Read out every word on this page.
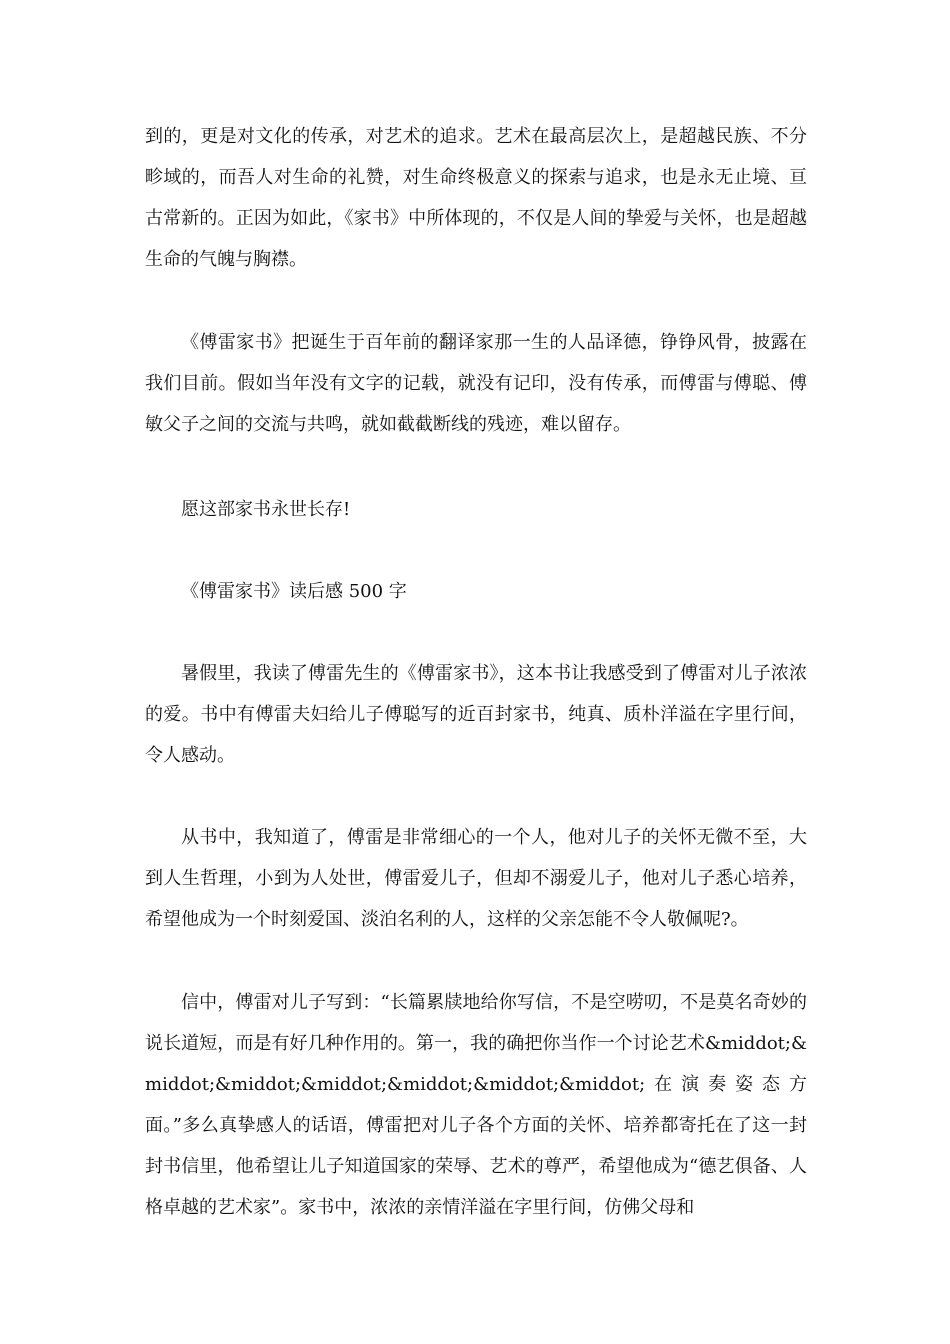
到的，更是对文化的传承，对艺术的追求。艺术在最高层次上，是超越民族、不分畛域的，而吾人对生命的礼赞，对生命终极意义的探索与追求，也是永无止境、亘古常新的。正因为如此，《家书》中所体现的，不仅是人间的挚爱与关怀，也是超越生命的气魄与胸襟。

《傅雷家书》把诞生于百年前的翻译家那一生的人品译德，铮铮风骨，披露在我们目前。假如当年没有文字的记载，就没有记印，没有传承，而傅雷与傅聪、傅敏父子之间的交流与共鸣，就如截截断线的残迹，难以留存。

愿这部家书永世长存!

《傅雷家书》读后感 500 字

暑假里，我读了傅雷先生的《傅雷家书》，这本书让我感受到了傅雷对儿子浓浓的爱。书中有傅雷夫妇给儿子傅聪写的近百封家书，纯真、质朴洋溢在字里行间，令人感动。

从书中，我知道了，傅雷是非常细心的一个人，他对儿子的关怀无微不至，大到人生哲理，小到为人处世，傅雷爱儿子，但却不溺爱儿子，他对儿子悉心培养，希望他成为一个时刻爱国、淡泊名利的人，这样的父亲怎能不令人敬佩呢?。

信中，傅雷对儿子写到：“长篇累牍地给你写信，不是空唠叨，不是莫名奇妙的说长道短，而是有好几种作用的。第一，我的确把你当作一个讨论艺术&middot;&middot;&middot;&middot;&middot;&middot;&middot;在演奏姿态方面。”多么真挚感人的话语，傅雷把对儿子各个方面的关怀、培养都寄托在了这一封封书信里，他希望让儿子知道国家的荣辱、艺术的尊严，希望他成为“德艺俱备、人格卓越的艺术家”。家书中，浓浓的亲情洋溢在字里行间，仿佛父母和
